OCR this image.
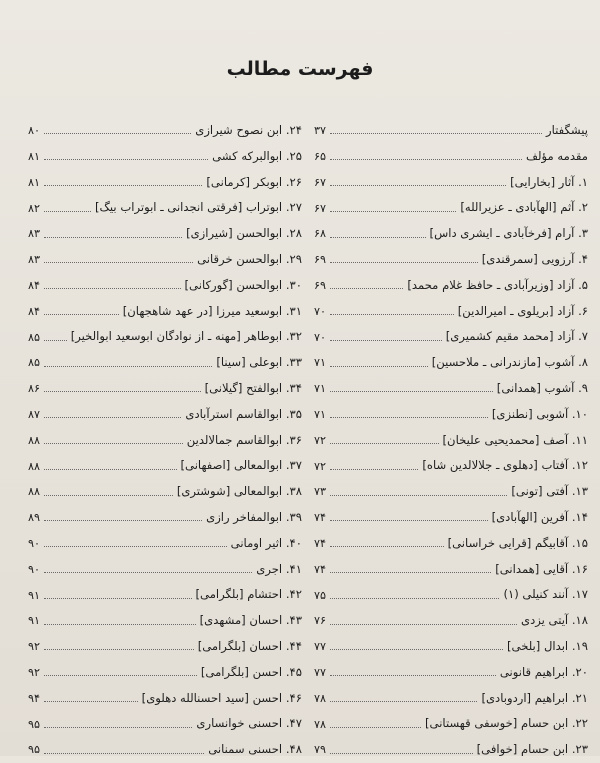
فهرست مطالب
پیشگفتار
۳۷
مقدمه مؤلف
۶۵
۱. آثار [بخارایی]
۶۷
۲. آثم [الهآبادی ـ عزیرالله]
۶۷
۳. آرام [فرخآبادی ـ ایشری داس]
۶۸
۴. آرزویی [سمرقندی]
۶۹
۵. آزاد [وزیرآبادی ـ حافظ غلام محمد]
۶۹
۶. آزاد [بریلوی ـ امیرالدین]
۷۰
۷. آزاد [محمد مقیم کشمیری]
۷۰
۸. آشوب [مازندرانی ـ ملاحسین]
۷۱
۹. آشوب [همدانی]
۷۱
۱۰. آشوبی [نطنزی]
۷۱
۱۱. آصف [محمدیحیی علیخان]
۷۲
۱۲. آفتاب [دهلوی ـ جلالالدین شاه]
۷۲
۱۳. آفتی [تونی]
۷۳
۱۴. آفرین [الهآبادی]
۷۴
۱۵. آقابیگم [قرایی خراسانی]
۷۴
۱۶. آقایی [همدانی]
۷۴
۱۷. آنند کنیلی (۱)
۷۵
۱۸. آیتی یزدی
۷۶
۱۹. ابدال [بلخی]
۷۷
۲۰. ابراهیم قانونی
۷۷
۲۱. ابراهیم [اردوبادی]
۷۸
۲۲. ابن حسام [خوسفی قهستانی]
۷۸
۲۳. ابن حسام [خوافی]
۷۹
۲۴. ابن نصوح شیرازی
۸۰
۲۵. ابوالبرکه کشی
۸۱
۲۶. ابوبکر [کرمانی]
۸۱
۲۷. ابوتراب [فرقتی انجدانی ـ ابوتراب بیگ]
۸۲
۲۸. ابوالحسن [شیرازی]
۸۳
۲۹. ابوالحسن خرقانی
۸۳
۳۰. ابوالحسن [گورکانی]
۸۴
۳۱. ابوسعید میرزا [در عهد شاهجهان]
۸۴
۳۲. ابوطاهر [مهنه ـ از نوادگان ابوسعید ابوالخیر]
۸۵
۳۳. ابوعلی [سینا]
۸۵
۳۴. ابوالفتح [گیلانی]
۸۶
۳۵. ابوالقاسم استرآبادی
۸۷
۳۶. ابوالقاسم جمالالدین
۸۸
۳۷. ابوالمعالی [اصفهانی]
۸۸
۳۸. ابوالمعالی [شوشتری]
۸۸
۳۹. ابوالمفاخر رازی
۸۹
۴۰. اثیر اومانی
۹۰
۴۱. اجری
۹۰
۴۲. احتشام [بلگرامی]
۹۱
۴۳. احسان [مشهدی]
۹۱
۴۴. احسان [بلگرامی]
۹۲
۴۵. احسن [بلگرامی]
۹۲
۴۶. احسن [سید احسنالله دهلوی]
۹۴
۴۷. احسنی خوانساری
۹۵
۴۸. احسنی سمنانی
۹۵
